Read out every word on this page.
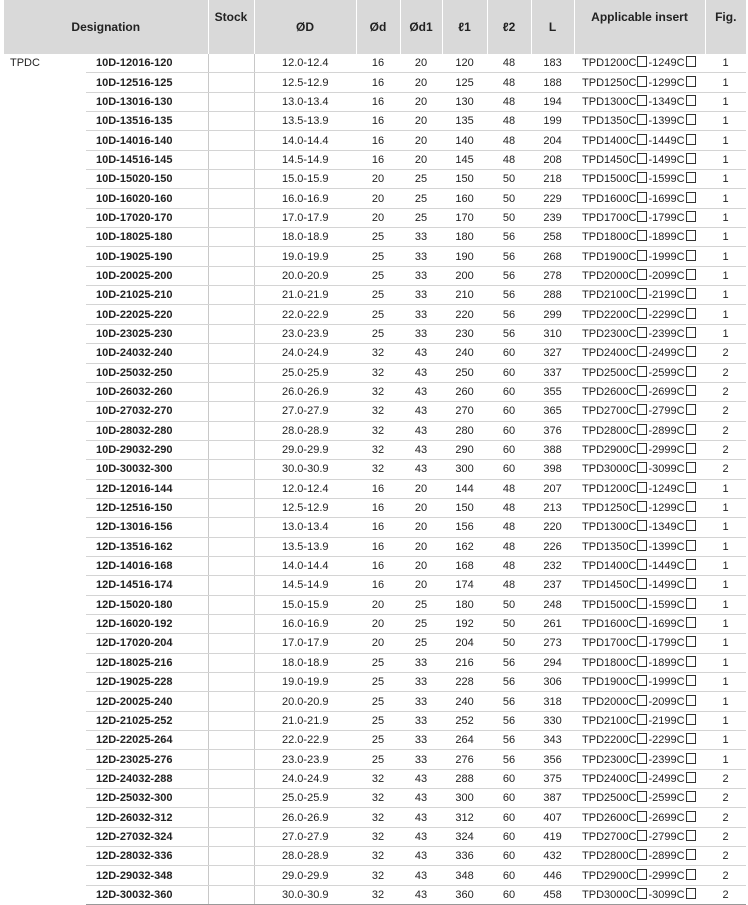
Designation		Stock	ØD	Ød	Ød1	ℓ1	ℓ2	L	Applicable insert	Fig.
TPDC	10D-12016-120		12.0-12.4	16	20	120	48	183	TPD1200C -1249C	1
	10D-12516-125		12.5-12.9	16	20	125	48	188	TPD1250C -1299C	1
	10D-13016-130		13.0-13.4	16	20	130	48	194	TPD1300C -1349C	1
	10D-13516-135		13.5-13.9	16	20	135	48	199	TPD1350C -1399C	1
	10D-14016-140		14.0-14.4	16	20	140	48	204	TPD1400C -1449C	1
	10D-14516-145		14.5-14.9	16	20	145	48	208	TPD1450C -1499C	1
	10D-15020-150		15.0-15.9	20	25	150	50	218	TPD1500C -1599C	1
	10D-16020-160		16.0-16.9	20	25	160	50	229	TPD1600C -1699C	1
	10D-17020-170		17.0-17.9	20	25	170	50	239	TPD1700C -1799C	1
	10D-18025-180		18.0-18.9	25	33	180	56	258	TPD1800C -1899C	1
	10D-19025-190		19.0-19.9	25	33	190	56	268	TPD1900C -1999C	1
	10D-20025-200		20.0-20.9	25	33	200	56	278	TPD2000C -2099C	1
	10D-21025-210		21.0-21.9	25	33	210	56	288	TPD2100C -2199C	1
	10D-22025-220		22.0-22.9	25	33	220	56	299	TPD2200C -2299C	1
	10D-23025-230		23.0-23.9	25	33	230	56	310	TPD2300C -2399C	1
	10D-24032-240		24.0-24.9	32	43	240	60	327	TPD2400C -2499C	2
	10D-25032-250		25.0-25.9	32	43	250	60	337	TPD2500C -2599C	2
	10D-26032-260		26.0-26.9	32	43	260	60	355	TPD2600C -2699C	2
	10D-27032-270		27.0-27.9	32	43	270	60	365	TPD2700C -2799C	2
	10D-28032-280		28.0-28.9	32	43	280	60	376	TPD2800C -2899C	2
	10D-29032-290		29.0-29.9	32	43	290	60	388	TPD2900C -2999C	2
	10D-30032-300		30.0-30.9	32	43	300	60	398	TPD3000C -3099C	2
	12D-12016-144		12.0-12.4	16	20	144	48	207	TPD1200C -1249C	1
	12D-12516-150		12.5-12.9	16	20	150	48	213	TPD1250C -1299C	1
	12D-13016-156		13.0-13.4	16	20	156	48	220	TPD1300C -1349C	1
	12D-13516-162		13.5-13.9	16	20	162	48	226	TPD1350C -1399C	1
	12D-14016-168		14.0-14.4	16	20	168	48	232	TPD1400C -1449C	1
	12D-14516-174		14.5-14.9	16	20	174	48	237	TPD1450C -1499C	1
	12D-15020-180		15.0-15.9	20	25	180	50	248	TPD1500C -1599C	1
	12D-16020-192		16.0-16.9	20	25	192	50	261	TPD1600C -1699C	1
	12D-17020-204		17.0-17.9	20	25	204	50	273	TPD1700C -1799C	1
	12D-18025-216		18.0-18.9	25	33	216	56	294	TPD1800C -1899C	1
	12D-19025-228		19.0-19.9	25	33	228	56	306	TPD1900C -1999C	1
	12D-20025-240		20.0-20.9	25	33	240	56	318	TPD2000C -2099C	1
	12D-21025-252		21.0-21.9	25	33	252	56	330	TPD2100C -2199C	1
	12D-22025-264		22.0-22.9	25	33	264	56	343	TPD2200C -2299C	1
	12D-23025-276		23.0-23.9	25	33	276	56	356	TPD2300C -2399C	1
	12D-24032-288		24.0-24.9	32	43	288	60	375	TPD2400C -2499C	2
	12D-25032-300		25.0-25.9	32	43	300	60	387	TPD2500C -2599C	2
	12D-26032-312		26.0-26.9	32	43	312	60	407	TPD2600C -2699C	2
	12D-27032-324		27.0-27.9	32	43	324	60	419	TPD2700C -2799C	2
	12D-28032-336		28.0-28.9	32	43	336	60	432	TPD2800C -2899C	2
	12D-29032-348		29.0-29.9	32	43	348	60	446	TPD2900C -2999C	2
	12D-30032-360		30.0-30.9	32	43	360	60	458	TPD3000C -3099C	2
